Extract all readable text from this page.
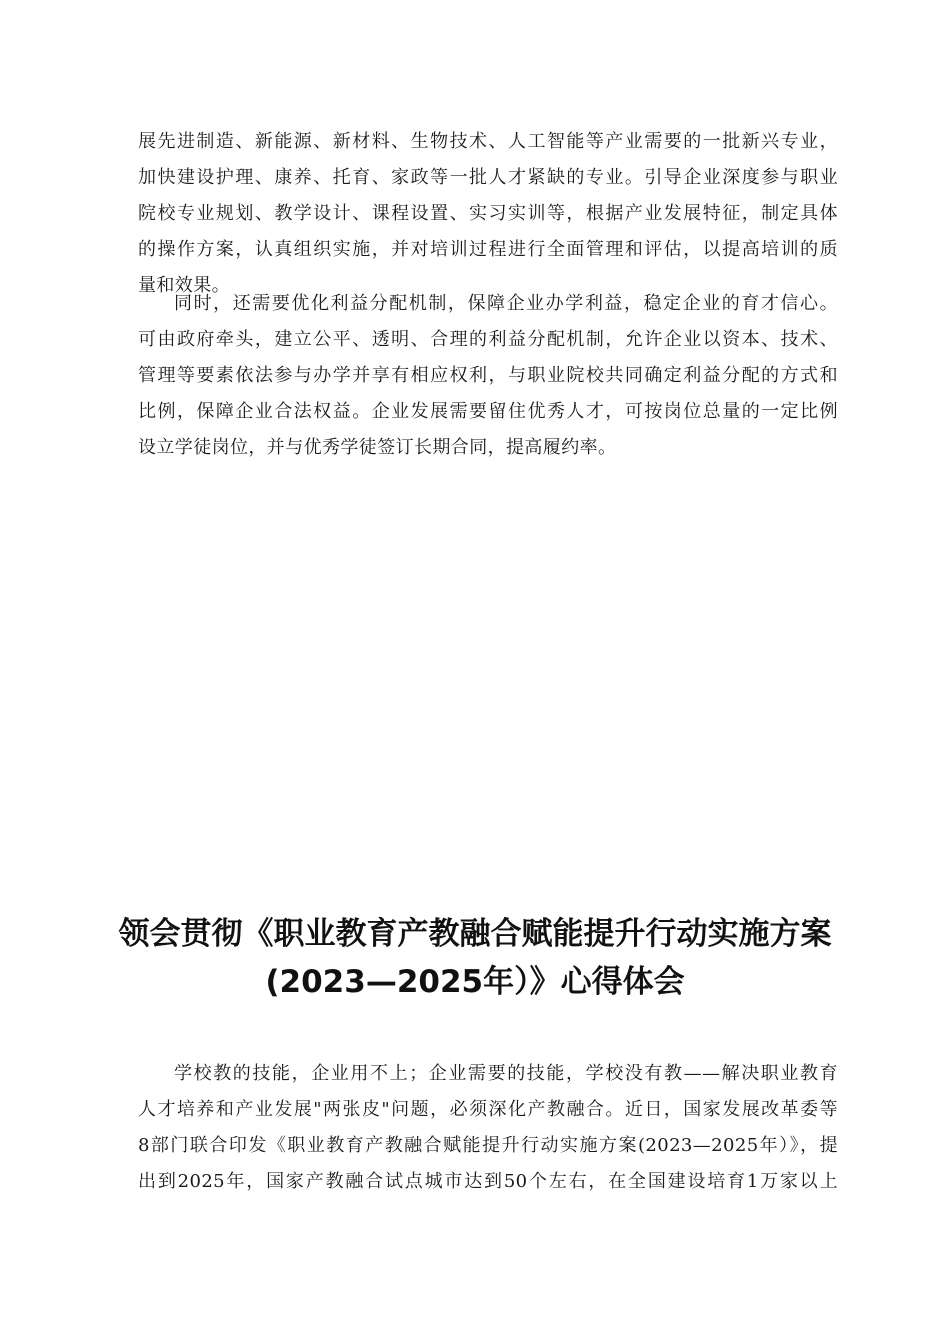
展先进制造、新能源、新材料、生物技术、人工智能等产业需要的一批新兴专业，
加快建设护理、康养、托育、家政等一批人才紧缺的专业。引导企业深度参与职业
院校专业规划、教学设计、课程设置、实习实训等，根据产业发展特征，制定具体
的操作方案，认真组织实施，并对培训过程进行全面管理和评估，以提高培训的质
量和效果。
同时，还需要优化利益分配机制，保障企业办学利益，稳定企业的育才信心。
可由政府牵头，建立公平、透明、合理的利益分配机制，允许企业以资本、技术、
管理等要素依法参与办学并享有相应权利，与职业院校共同确定利益分配的方式和
比例，保障企业合法权益。企业发展需要留住优秀人才，可按岗位总量的一定比例
设立学徒岗位，并与优秀学徒签订长期合同，提高履约率。
领会贯彻《职业教育产教融合赋能提升行动实施方案
(2023—2025年）》心得体会
学校教的技能，企业用不上；企业需要的技能，学校没有教——解决职业教育
人才培养和产业发展"两张皮"问题，必须深化产教融合。近日，国家发展改革委等
8部门联合印发《职业教育产教融合赋能提升行动实施方案(2023—2025年）》，提
出到2025年，国家产教融合试点城市达到50个左右，在全国建设培育1万家以上
